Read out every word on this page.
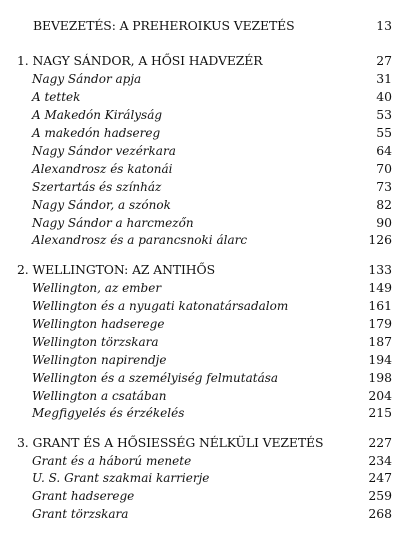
BEVEZETÉS: A PREHEROIKUS VEZETÉS	13
1. NAGY SÁNDOR, A HŐSI HADVEZÉR	27
Nagy Sándor apja	31
A tettek	40
A Makedón Királyság	53
A makedón hadsereg	55
Nagy Sándor vezérkara	64
Alexandrosz és katonái	70
Szertartás és színház	73
Nagy Sándor, a szónok	82
Nagy Sándor a harcmezőn	90
Alexandrosz és a parancsnoki álarc	126
2. WELLINGTON: AZ ANTIHŐS	133
Wellington, az ember	149
Wellington és a nyugati katonatársadalom	161
Wellington hadserege	179
Wellington törzskara	187
Wellington napirendje	194
Wellington és a személyiség felmutatása	198
Wellington a csatában	204
Megfigyelés és érzékelés	215
3. GRANT ÉS A HŐSIESSÉG NÉLKÜLI VEZETÉS	227
Grant és a háború menete	234
U. S. Grant szakmai karrierje	247
Grant hadserege	259
Grant törzskara	268
